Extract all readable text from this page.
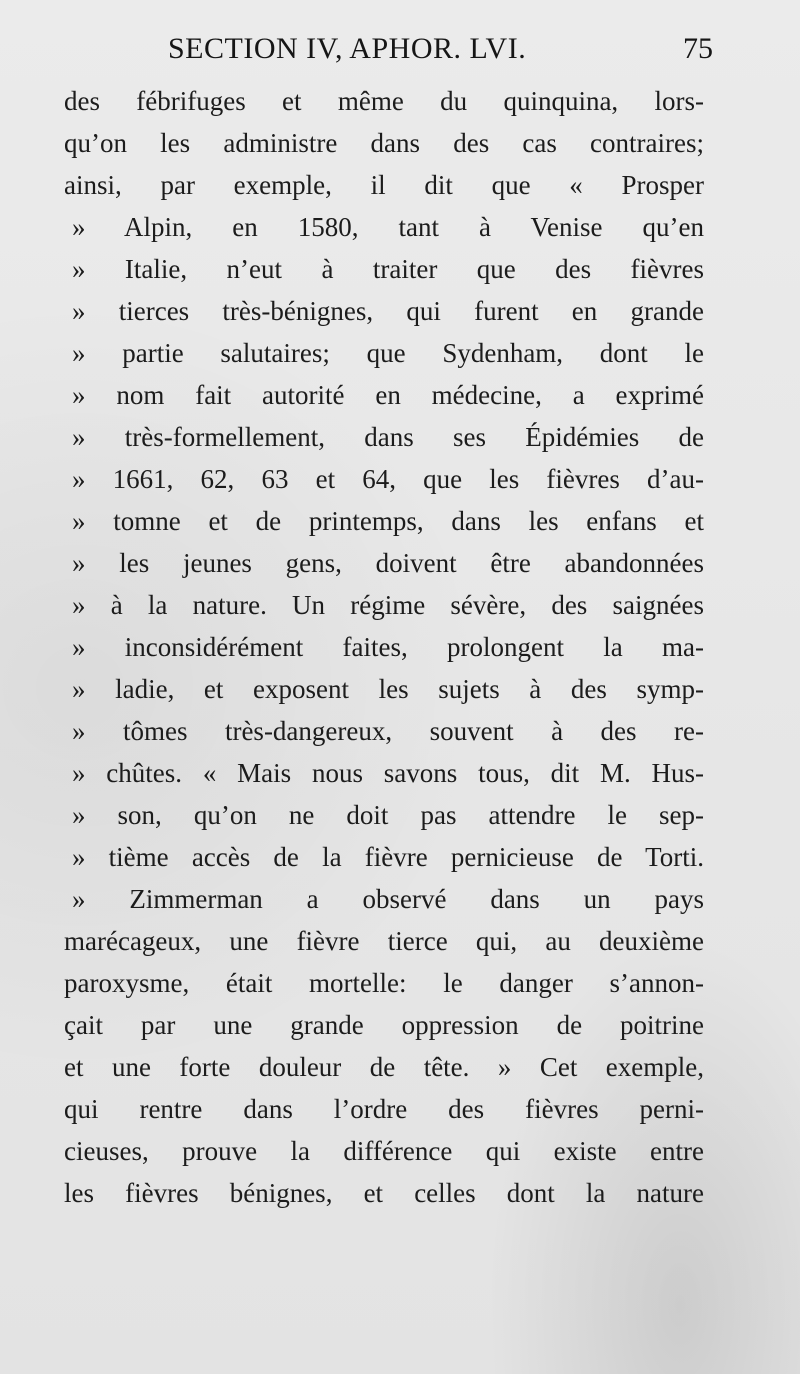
SECTION IV, APHOR. LVI.	75
des fébrifuges et même du quinquina, lors-
qu’on les administre dans des cas contraires;
ainsi, par exemple, il dit que « Prosper
» Alpin, en 1580, tant à Venise qu’en
» Italie, n’eut à traiter que des fièvres
» tierces très-bénignes, qui furent en grande
» partie salutaires; que Sydenham, dont le
» nom fait autorité en médecine, a exprimé
» très-formellement, dans ses Épidémies de
» 1661, 62, 63 et 64, que les fièvres d’au-
» tomne et de printemps, dans les enfans et
» les jeunes gens, doivent être abandonnées
» à la nature. Un régime sévère, des saignées
» inconsidérément faites, prolongent la ma-
» ladie, et exposent les sujets à des symp-
» tômes très-dangereux, souvent à des re-
» chûtes. « Mais nous savons tous, dit M. Hus-
» son, qu’on ne doit pas attendre le sep-
» tième accès de la fièvre pernicieuse de Torti.
» Zimmerman a observé dans un pays
marécageux, une fièvre tierce qui, au deuxième
paroxysme, était mortelle: le danger s’annon-
çait par une grande oppression de poitrine
et une forte douleur de tête. » Cet exemple,
qui rentre dans l’ordre des fièvres perni-
cieuses, prouve la différence qui existe entre
les fièvres bénignes, et celles dont la nature
